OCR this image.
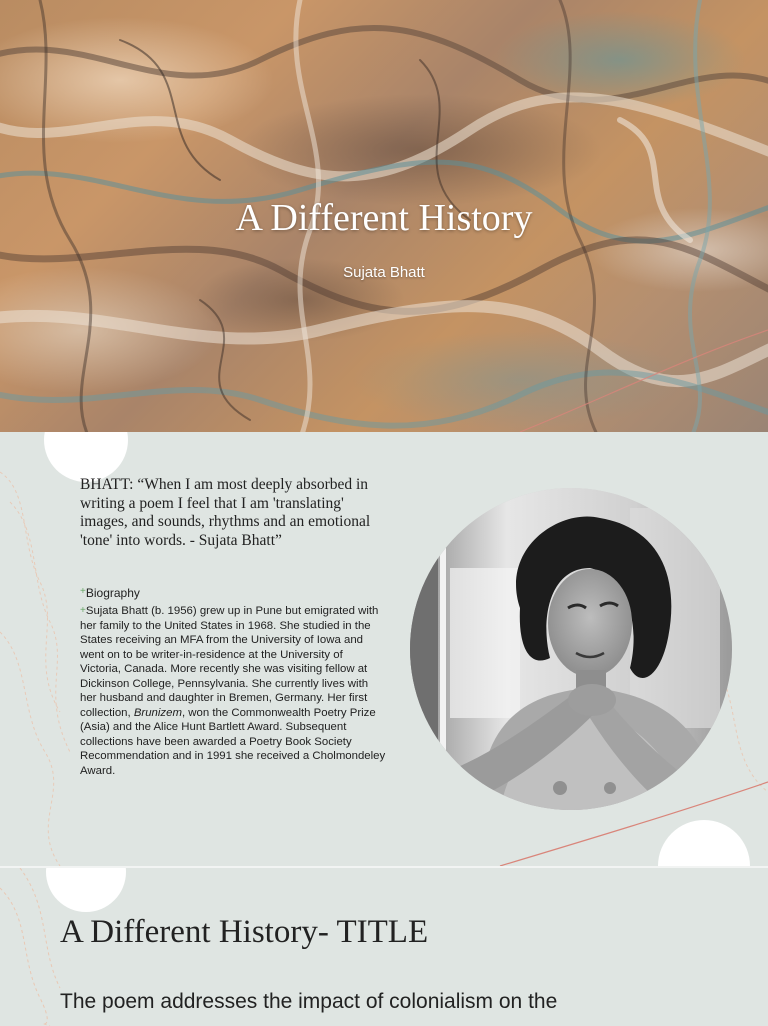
A Different History
Sujata Bhatt
BHATT: “When I am most deeply absorbed in writing a poem I feel that I am 'translating' images, and sounds, rhythms and an emotional 'tone' into words. - Sujata Bhatt”
+Biography
+Sujata Bhatt (b. 1956) grew up in Pune but emigrated with her family to the United States in 1968. She studied in the States receiving an MFA from the University of Iowa and went on to be writer-in-residence at the University of Victoria, Canada. More recently she was visiting fellow at Dickinson College, Pennsylvania. She currently lives with her husband and daughter in Bremen, Germany. Her first collection, Brunizem, won the Commonwealth Poetry Prize (Asia) and the Alice Hunt Bartlett Award. Subsequent collections have been awarded a Poetry Book Society Recommendation and in 1991 she received a Cholmondeley Award.
A Different History- TITLE
The poem addresses the impact of colonialism on the
